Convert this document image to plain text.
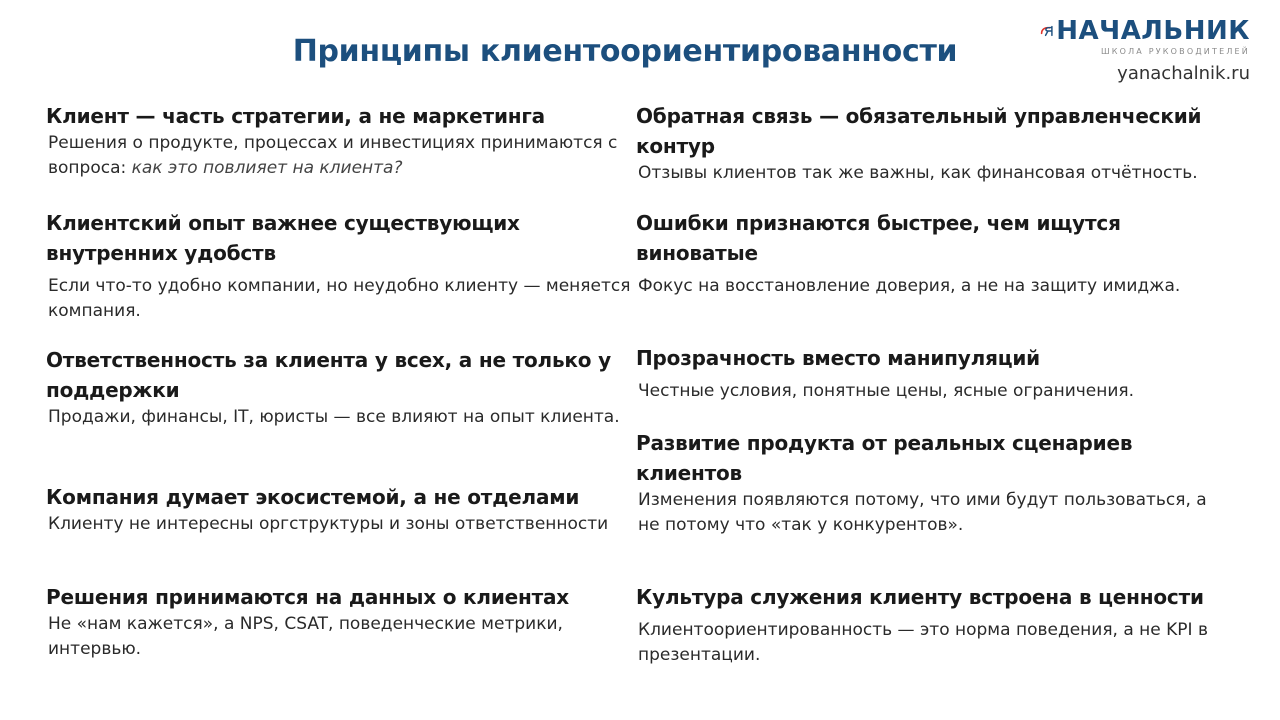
Принципы клиентоориентированности
НАЧАЛЬНИК
ШКОЛА РУКОВОДИТЕЛЕЙ
yanachalnik.ru
Клиент — часть стратегии, а не маркетинга

Решения о продукте, процессах и инвестициях принимаются с вопроса: как это повлияет на клиента?

Клиентский опыт важнее существующих внутренних удобств

Если что-то удобно компании, но неудобно клиенту — меняется компания.

Ответственность за клиента у всех, а не только у поддержки

Продажи, финансы, IT, юристы — все влияют на опыт клиента.

Компания думает экосистемой, а не отделами

Клиенту не интересны оргструктуры и зоны ответственности

Решения принимаются на данных о клиентах

Не «нам кажется», а NPS, CSAT, поведенческие метрики, интервью.

Обратная связь — обязательный управленческий контур

Отзывы клиентов так же важны, как финансовая отчётность.

Ошибки признаются быстрее, чем ищутся виноватые

Фокус на восстановление доверия, а не на защиту имиджа.

Прозрачность вместо манипуляций

Честные условия, понятные цены, ясные ограничения.

Развитие продукта от реальных сценариев клиентов

Изменения появляются потому, что ими будут пользоваться, а не потому что «так у конкурентов».

Культура служения клиенту встроена в ценности

Клиентоориентированность — это норма поведения, а не KPI в презентации.
